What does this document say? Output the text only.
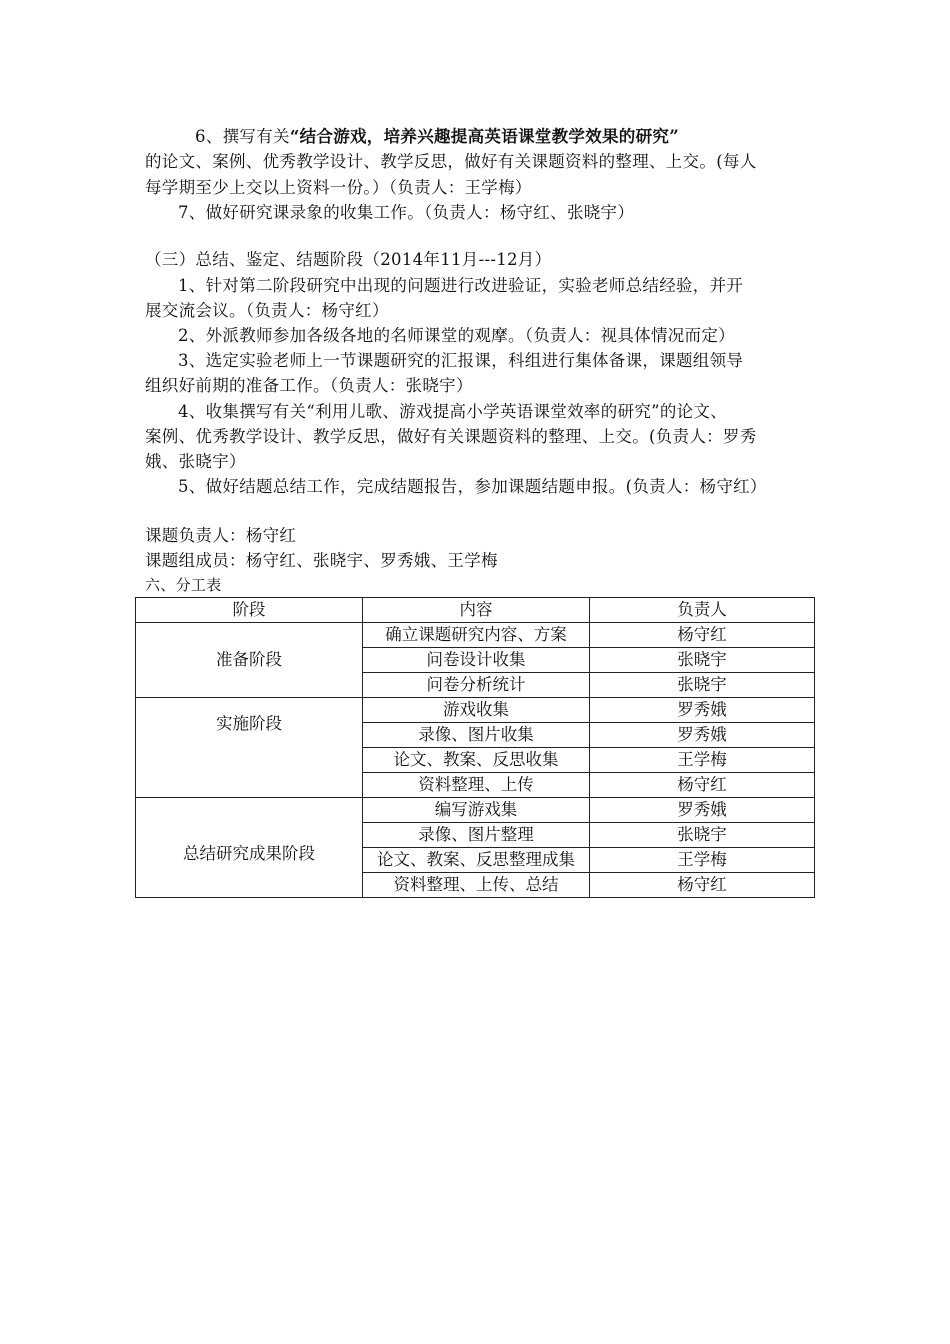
6、撰写有关“结合游戏，培养兴趣提高英语课堂教学效果的研究”
的论文、案例、优秀教学设计、教学反思，做好有关课题资料的整理、上交。(每人
每学期至少上交以上资料一份。）（负责人：王学梅）
7、做好研究课录象的收集工作。（负责人：杨守红、张晓宇）
（三）总结、鉴定、结题阶段（2014年11月---12月）
1、针对第二阶段研究中出现的问题进行改进验证，实验老师总结经验，并开
展交流会议。（负责人：杨守红）
2、外派教师参加各级各地的名师课堂的观摩。（负责人：视具体情况而定）
3、选定实验老师上一节课题研究的汇报课，科组进行集体备课，课题组领导
组织好前期的准备工作。（负责人：张晓宇）
4、收集撰写有关“利用儿歌、游戏提高小学英语课堂效率的研究”的论文、
案例、优秀教学设计、教学反思，做好有关课题资料的整理、上交。(负责人：罗秀
娥、张晓宇）
5、做好结题总结工作，完成结题报告，参加课题结题申报。(负责人：杨守红）
课题负责人：杨守红
课题组成员：杨守红、张晓宇、罗秀娥、王学梅
六、分工表
阶段	内容	负责人
准备阶段	确立课题研究内容、方案	杨守红
	问卷设计收集	张晓宇
	问卷分析统计	张晓宇
实施阶段	游戏收集	罗秀娥
	录像、图片收集	罗秀娥
	论文、教案、反思收集	王学梅
	资料整理、上传	杨守红
总结研究成果阶段	编写游戏集	罗秀娥
	录像、图片整理	张晓宇
	论文、教案、反思整理成集	王学梅
	资料整理、上传、总结	杨守红
